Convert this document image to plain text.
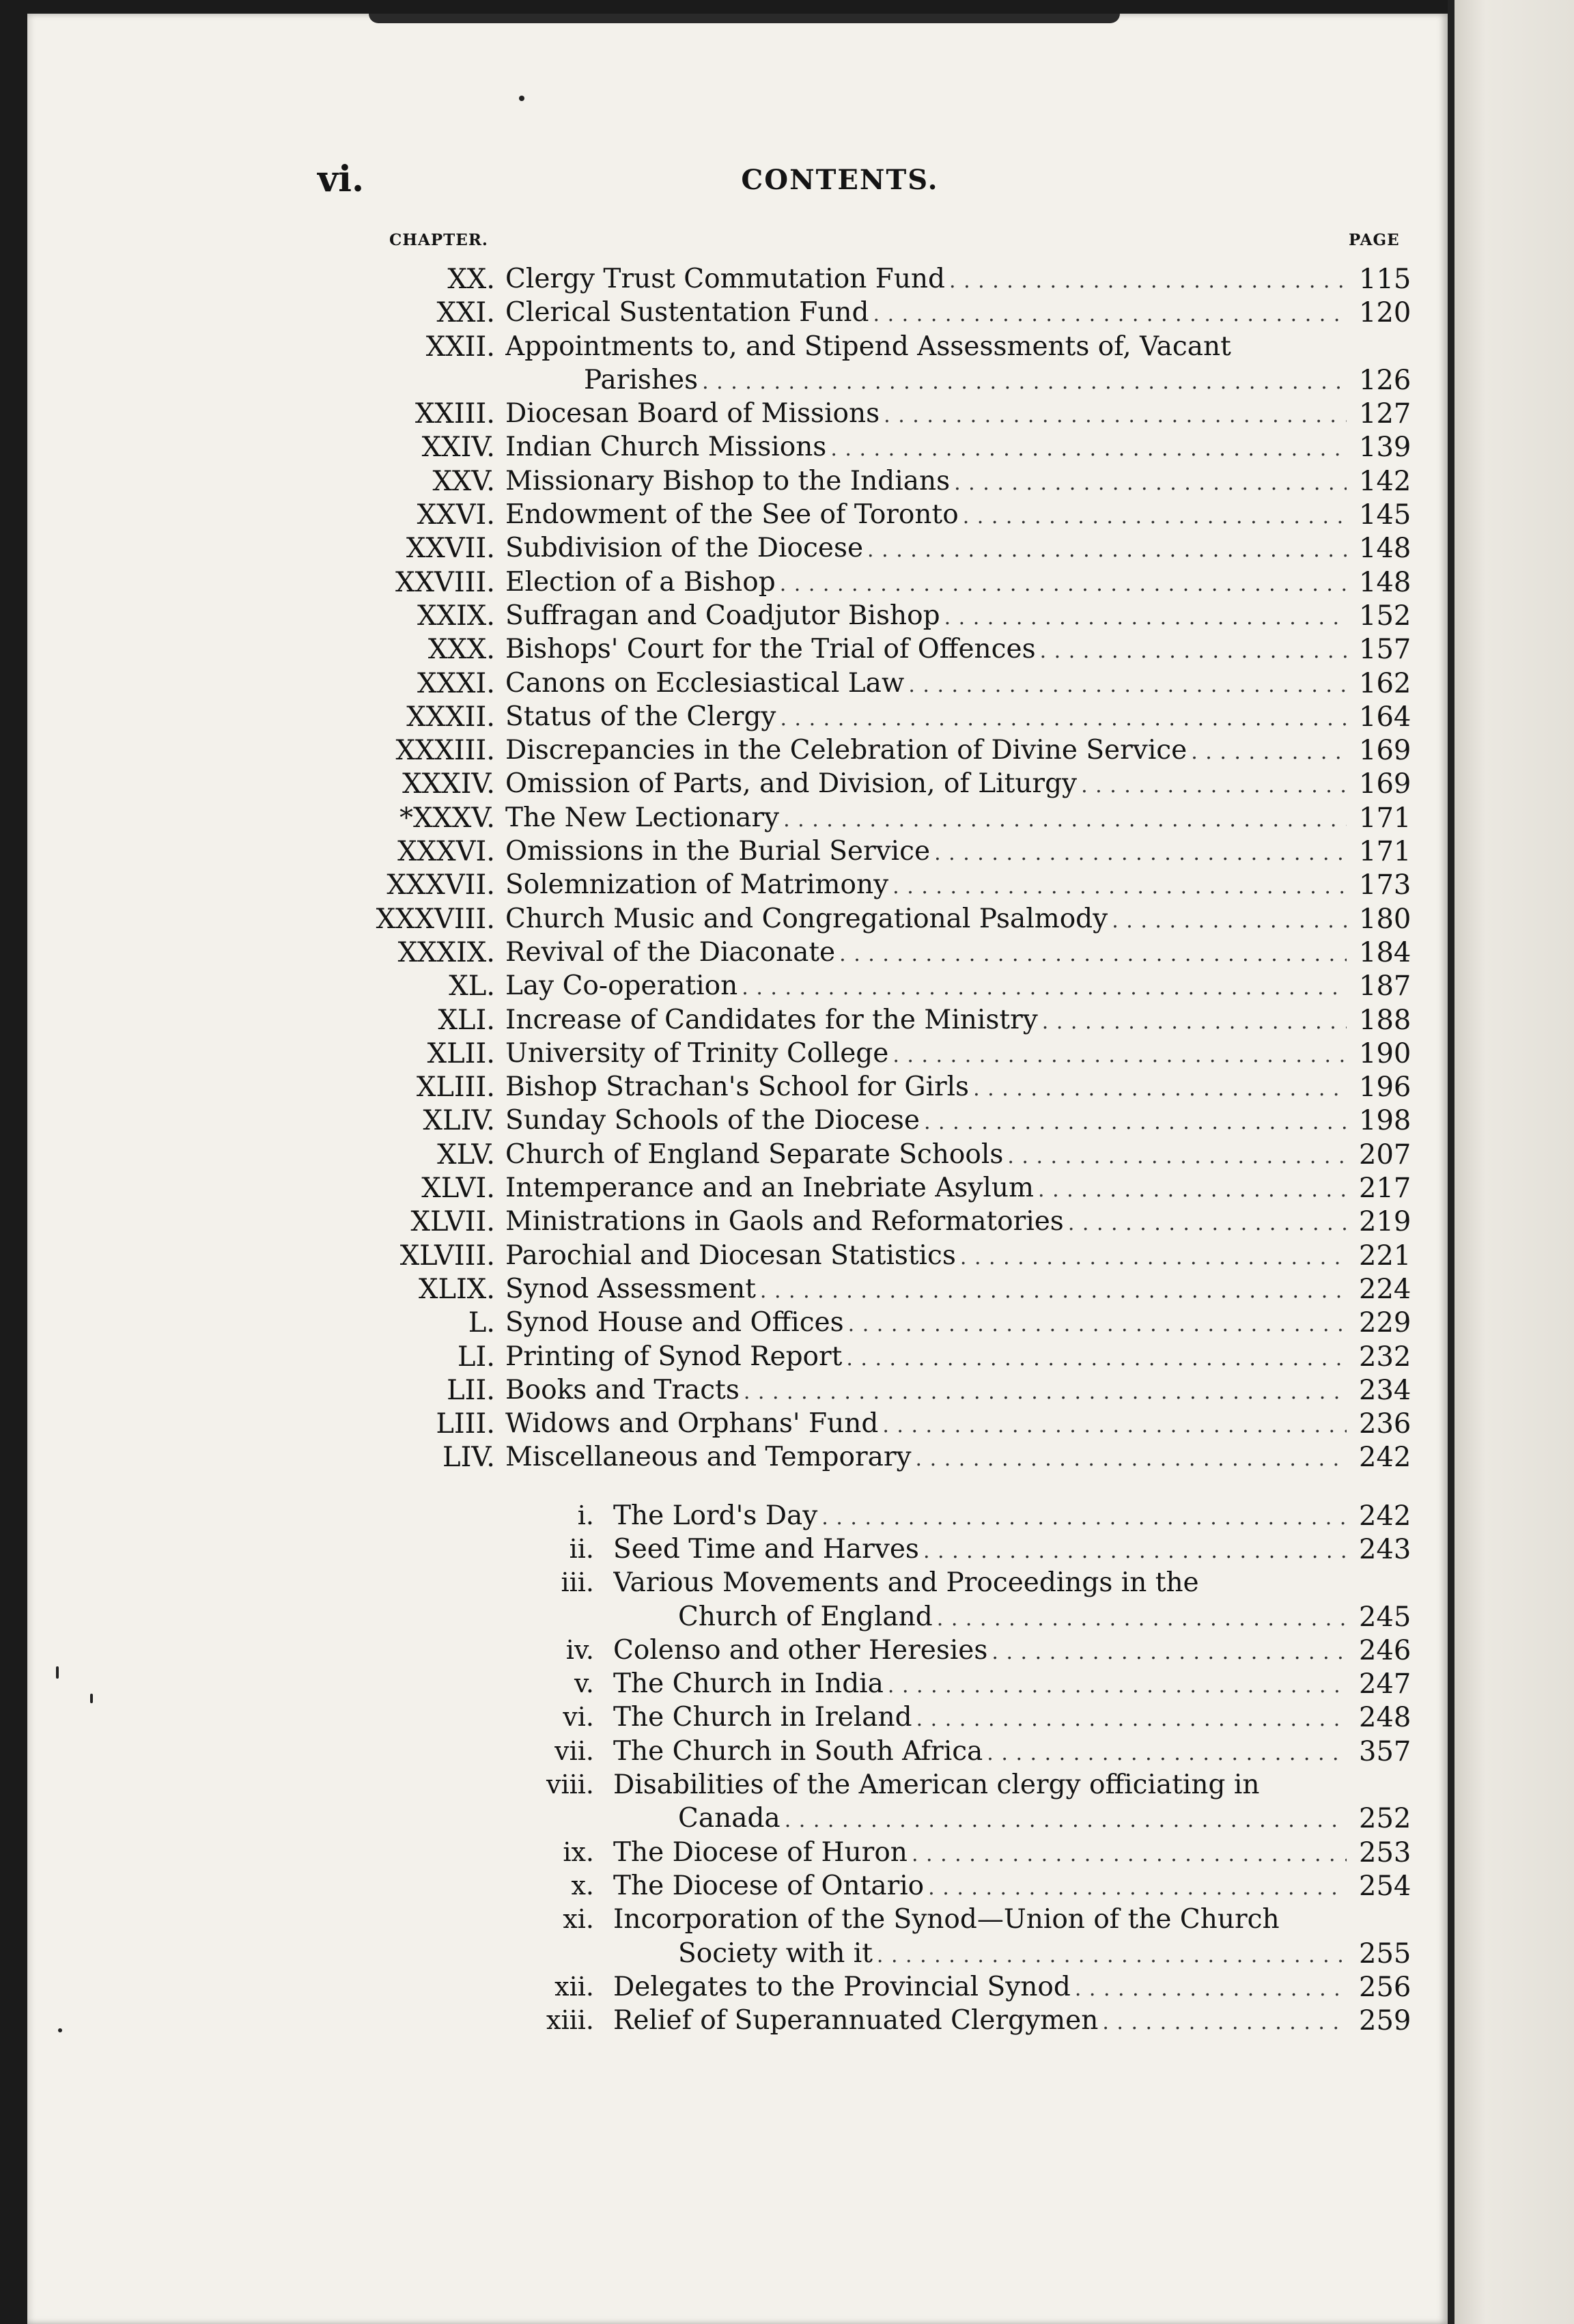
vi.	CONTENTS.
CHAPTER.	PAGE
XX. Clergy Trust Commutation Fund . . .	115
XXI. Clerical Sustentation Fund . . .	120
XXII. Appointments to, and Stipend Assessments of, Vacant
Parishes . . .	126
XXIII. Diocesan Board of Missions . . .	127
XXIV. Indian Church Missions . . .	139
XXV. Missionary Bishop to the Indians . . .	142
XXVI. Endowment of the See of Toronto . . .	145
XXVII. Subdivision of the Diocese . . .	148
XXVIII. Election of a Bishop . . .	148
XXIX. Suffragan and Coadjutor Bishop . . .	152
XXX. Bishops' Court for the Trial of Offences . . .	157
XXXI. Canons on Ecclesiastical Law . . .	162
XXXII. Status of the Clergy . . .	164
XXXIII. Discrepancies in the Celebration of Divine Service . . .	169
XXXIV. Omission of Parts, and Division, of Liturgy . . .	169
*XXXV. The New Lectionary . . .	171
XXXVI. Omissions in the Burial Service . . .	171
XXXVII. Solemnization of Matrimony . . .	173
XXXVIII. Church Music and Congregational Psalmody . . .	180
XXXIX. Revival of the Diaconate . . .	184
XL. Lay Co-operation . . .	187
XLI. Increase of Candidates for the Ministry . . .	188
XLII. University of Trinity College . . .	190
XLIII. Bishop Strachan's School for Girls . . .	196
XLIV. Sunday Schools of the Diocese . . .	198
XLV. Church of England Separate Schools . . .	207
XLVI. Intemperance and an Inebriate Asylum . . .	217
XLVII. Ministrations in Gaols and Reformatories . . .	219
XLVIII. Parochial and Diocesan Statistics . . .	221
XLIX. Synod Assessment . . .	224
L. Synod House and Offices . . .	229
LI. Printing of Synod Report . . .	232
LII. Books and Tracts . . .	234
LIII. Widows and Orphans' Fund . . .	236
LIV. Miscellaneous and Temporary . . .	242
i. The Lord's Day . . .	242
ii. Seed Time and Harves . . .	243
iii. Various Movements and Proceedings in the
Church of England . . .	245
iv. Colenso and other Heresies . . .	246
v. The Church in India . . .	247
vi. The Church in Ireland . . .	248
vii. The Church in South Africa . . .	357
viii. Disabilities of the American clergy officiating in
Canada . . .	252
ix. The Diocese of Huron . . .	253
x. The Diocese of Ontario . . .	254
xi. Incorporation of the Synod—Union of the Church
Society with it . . .	255
xii. Delegates to the Provincial Synod . . .	256
xiii. Relief of Superannuated Clergymen . . .	259
